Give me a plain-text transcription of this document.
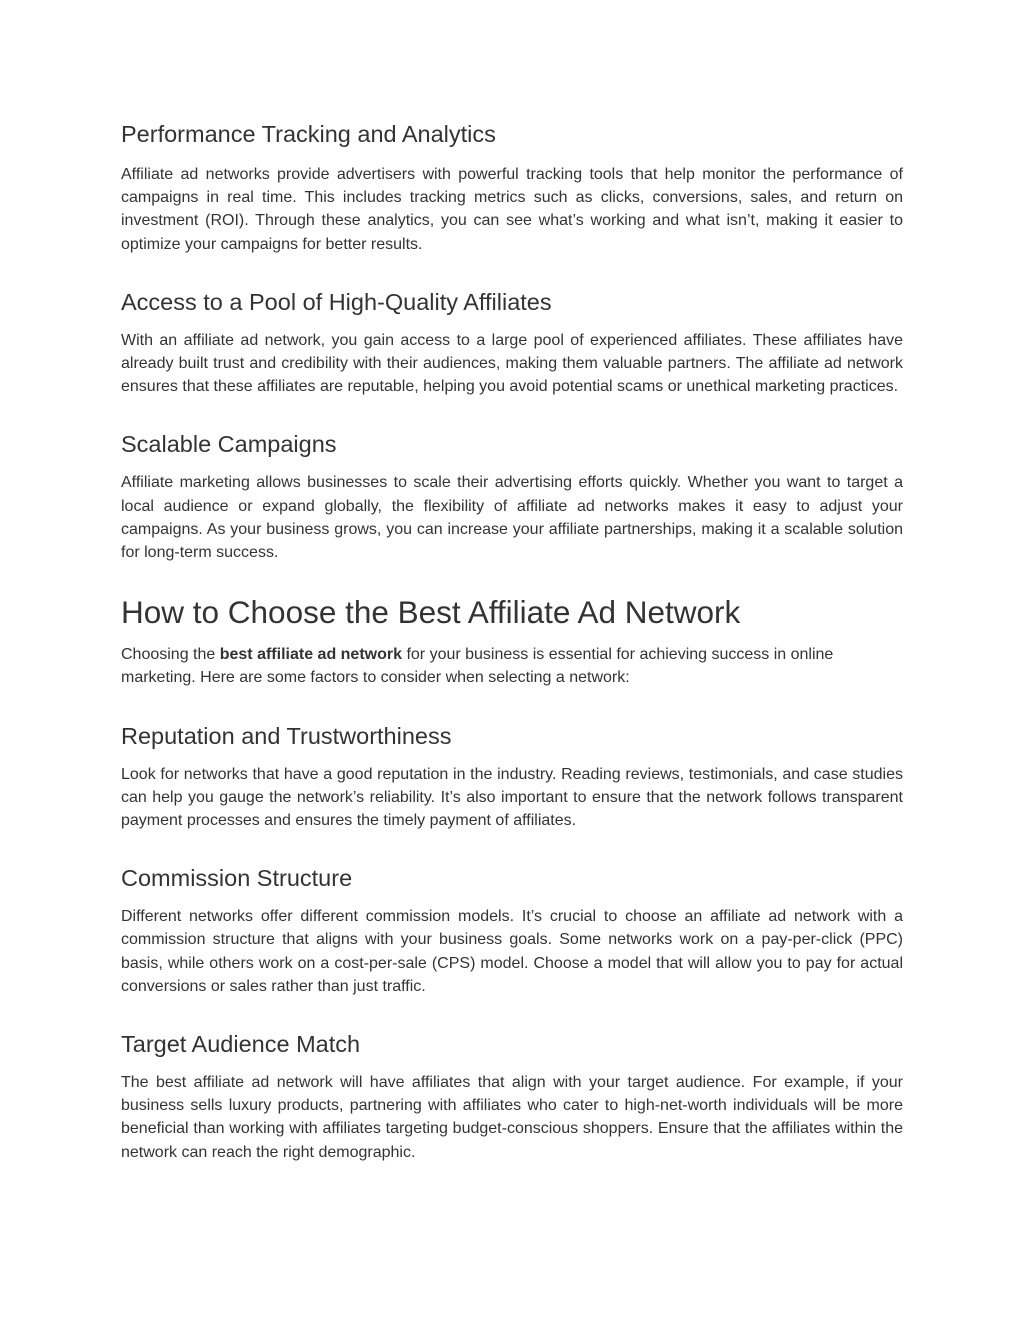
Performance Tracking and Analytics

Affiliate ad networks provide advertisers with powerful tracking tools that help monitor the performance of campaigns in real time. This includes tracking metrics such as clicks, conversions, sales, and return on investment (ROI). Through these analytics, you can see what’s working and what isn’t, making it easier to optimize your campaigns for better results.

Access to a Pool of High-Quality Affiliates

With an affiliate ad network, you gain access to a large pool of experienced affiliates. These affiliates have already built trust and credibility with their audiences, making them valuable partners. The affiliate ad network ensures that these affiliates are reputable, helping you avoid potential scams or unethical marketing practices.

Scalable Campaigns

Affiliate marketing allows businesses to scale their advertising efforts quickly. Whether you want to target a local audience or expand globally, the flexibility of affiliate ad networks makes it easy to adjust your campaigns. As your business grows, you can increase your affiliate partnerships, making it a scalable solution for long-term success.

How to Choose the Best Affiliate Ad Network

Choosing the best affiliate ad network for your business is essential for achieving success in online marketing. Here are some factors to consider when selecting a network:

Reputation and Trustworthiness

Look for networks that have a good reputation in the industry. Reading reviews, testimonials, and case studies can help you gauge the network’s reliability. It’s also important to ensure that the network follows transparent payment processes and ensures the timely payment of affiliates.

Commission Structure

Different networks offer different commission models. It’s crucial to choose an affiliate ad network with a commission structure that aligns with your business goals. Some networks work on a pay-per-click (PPC) basis, while others work on a cost-per-sale (CPS) model. Choose a model that will allow you to pay for actual conversions or sales rather than just traffic.

Target Audience Match

The best affiliate ad network will have affiliates that align with your target audience. For example, if your business sells luxury products, partnering with affiliates who cater to high-net-worth individuals will be more beneficial than working with affiliates targeting budget-conscious shoppers. Ensure that the affiliates within the network can reach the right demographic.
